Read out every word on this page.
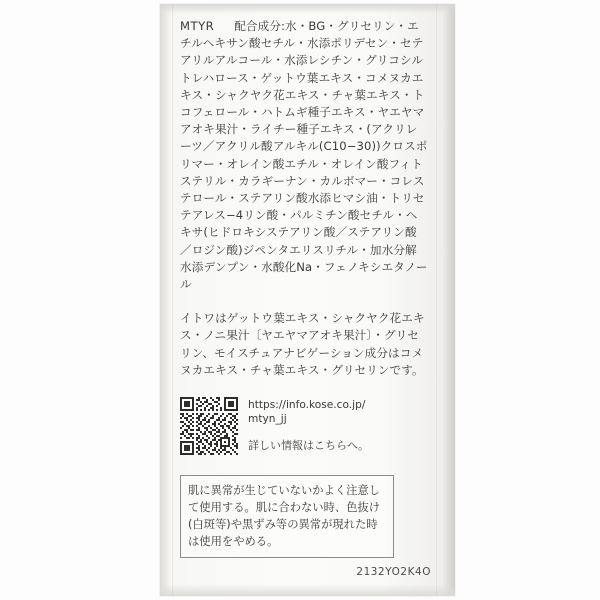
MTYR 配合成分:水・BG・グリセリン・エチルヘキサン酸セチル・水添ポリデセン・セテアリルアルコール・水添レシチン・グリコシルトレハロース・ゲットウ葉エキス・コメヌカエキス・シャクヤク花エキス・チャ葉エキス・トコフェロール・ハトムギ種子エキス・ヤエヤマアオキ果汁・ライチー種子エキス・(アクリレーツ／アクリル酸アルキル(C10−30))クロスポリマー・オレイン酸エチル・オレイン酸フィトステリル・カラギーナン・カルボマー・コレステロール・ステアリン酸水添ヒマシ油・トリセテアレス−4リン酸・パルミチン酸セチル・ヘキサ(ヒドロキシステアリン酸／ステアリン酸／ロジン酸)ジペンタエリスリチル・加水分解水添デンプン・水酸化Na・フェノキシエタノール
イトワはゲットウ葉エキス・シャクヤク花エキス・ノニ果汁〔ヤエヤマアオキ果汁〕・グリセリン、モイスチュアナビゲーション成分はコメヌカエキス・チャ葉エキス・グリセリンです。
https://info.kose.co.jp/
mtyn_jj
詳しい情報はこちらへ。
肌に異常が生じていないかよく注意して使用する。肌に合わない時、色抜け(白斑等)や黒ずみ等の異常が現れた時は使用をやめる。
2132YO2K4O
